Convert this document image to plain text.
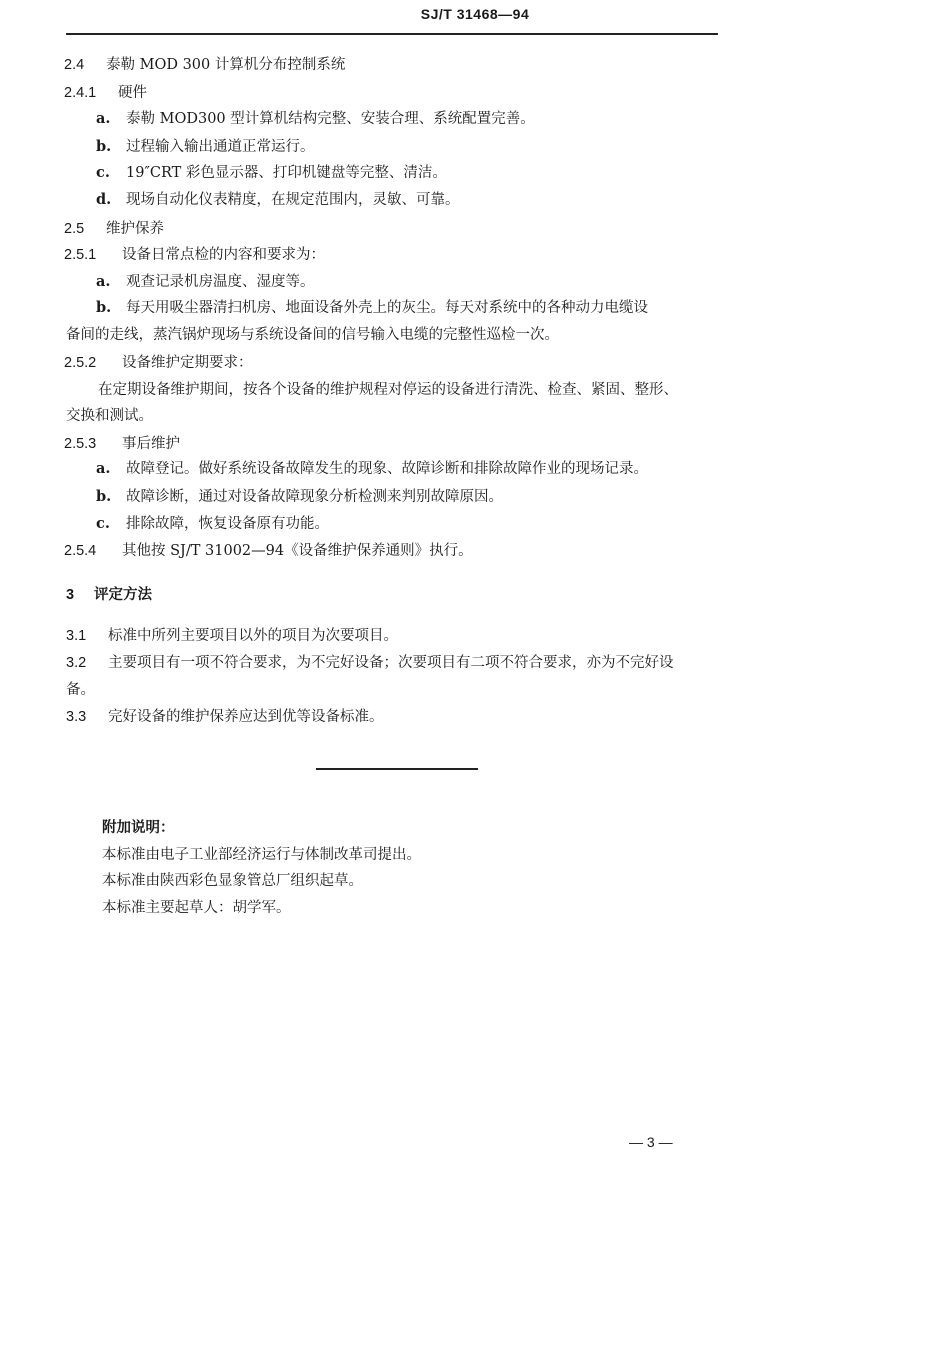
SJ/T 31468—94
2.4 泰勒 MOD 300 计算机分布控制系统
2.4.1 硬件
a. 泰勒 MOD300 型计算机结构完整、安装合理、系统配置完善。
b. 过程输入输出通道正常运行。
c. 19″CRT 彩色显示器、打印机键盘等完整、清洁。
d. 现场自动化仪表精度，在规定范围内，灵敏、可靠。
2.5 维护保养
2.5.1 设备日常点检的内容和要求为：
a. 观查记录机房温度、湿度等。
b. 每天用吸尘器清扫机房、地面设备外壳上的灰尘。每天对系统中的各种动力电缆设
备间的走线，蒸汽锅炉现场与系统设备间的信号输入电缆的完整性巡检一次。
2.5.2 设备维护定期要求：
在定期设备维护期间，按各个设备的维护规程对停运的设备进行清洗、检查、紧固、整形、
交换和测试。
2.5.3 事后维护
a. 故障登记。做好系统设备故障发生的现象、故障诊断和排除故障作业的现场记录。
b. 故障诊断，通过对设备故障现象分析检测来判别故障原因。
c. 排除故障，恢复设备原有功能。
2.5.4 其他按 SJ/T 31002—94《设备维护保养通则》执行。
3 评定方法
3.1 标准中所列主要项目以外的项目为次要项目。
3.2 主要项目有一项不符合要求，为不完好设备；次要项目有二项不符合要求，亦为不完好设
备。
3.3 完好设备的维护保养应达到优等设备标准。
附加说明：
本标准由电子工业部经济运行与体制改革司提出。
本标准由陕西彩色显象管总厂组织起草。
本标准主要起草人：胡学军。
— 3 —
